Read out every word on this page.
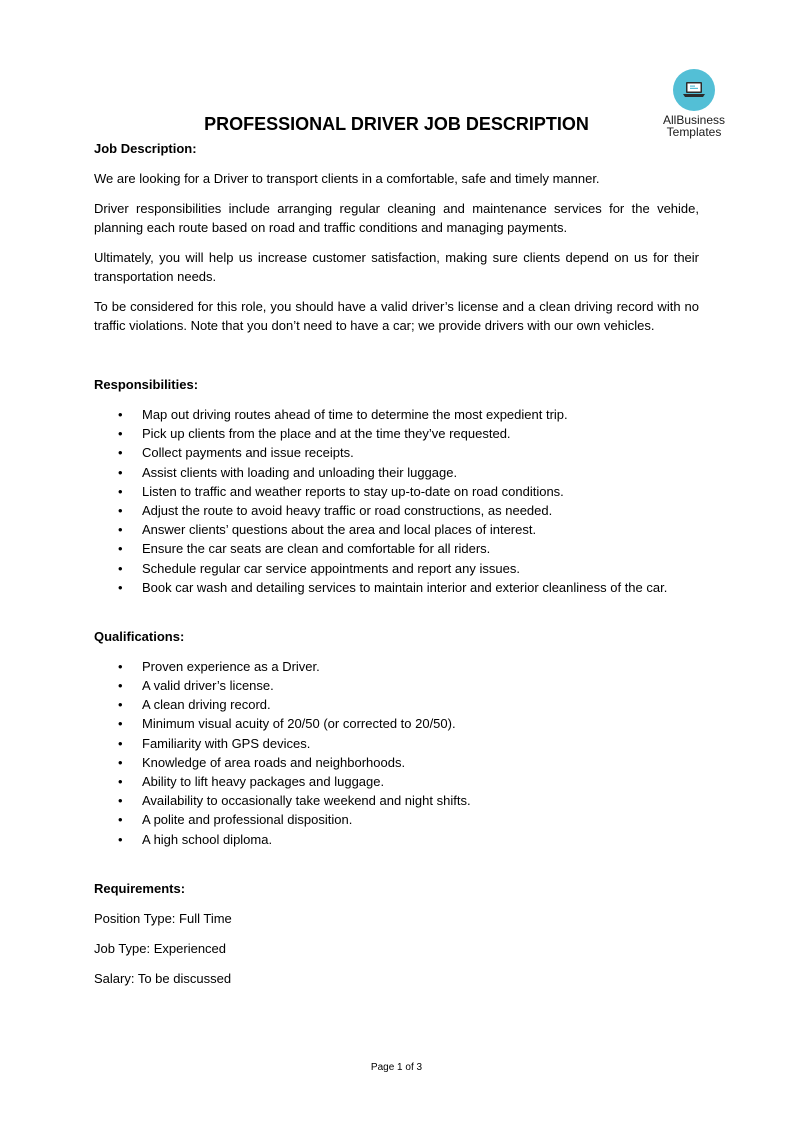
AllBusiness
Templates
PROFESSIONAL DRIVER JOB DESCRIPTION
Job Description:

We are looking for a Driver to transport clients in a comfortable, safe and timely manner.

Driver responsibilities include arranging regular cleaning and maintenance services for the vehide, planning each route based on road and traffic conditions and managing payments.

Ultimately, you will help us increase customer satisfaction, making sure clients depend on us for their transportation needs.

To be considered for this role, you should have a valid driver’s license and a clean driving record with no traffic violations. Note that you don’t need to have a car; we provide drivers with our own vehicles.

Responsibilities:
• Map out driving routes ahead of time to determine the most expedient trip.
• Pick up clients from the place and at the time they’ve requested.
• Collect payments and issue receipts.
• Assist clients with loading and unloading their luggage.
• Listen to traffic and weather reports to stay up-to-date on road conditions.
• Adjust the route to avoid heavy traffic or road constructions, as needed.
• Answer clients’ questions about the area and local places of interest.
• Ensure the car seats are clean and comfortable for all riders.
• Schedule regular car service appointments and report any issues.
• Book car wash and detailing services to maintain interior and exterior cleanliness of the car.
Qualifications:
• Proven experience as a Driver.
• A valid driver’s license.
• A clean driving record.
• Minimum visual acuity of 20/50 (or corrected to 20/50).
• Familiarity with GPS devices.
• Knowledge of area roads and neighborhoods.
• Ability to lift heavy packages and luggage.
• Availability to occasionally take weekend and night shifts.
• A polite and professional disposition.
• A high school diploma.
Requirements:

Position Type: Full Time

Job Type: Experienced

Salary: To be discussed

Page 1 of 3
